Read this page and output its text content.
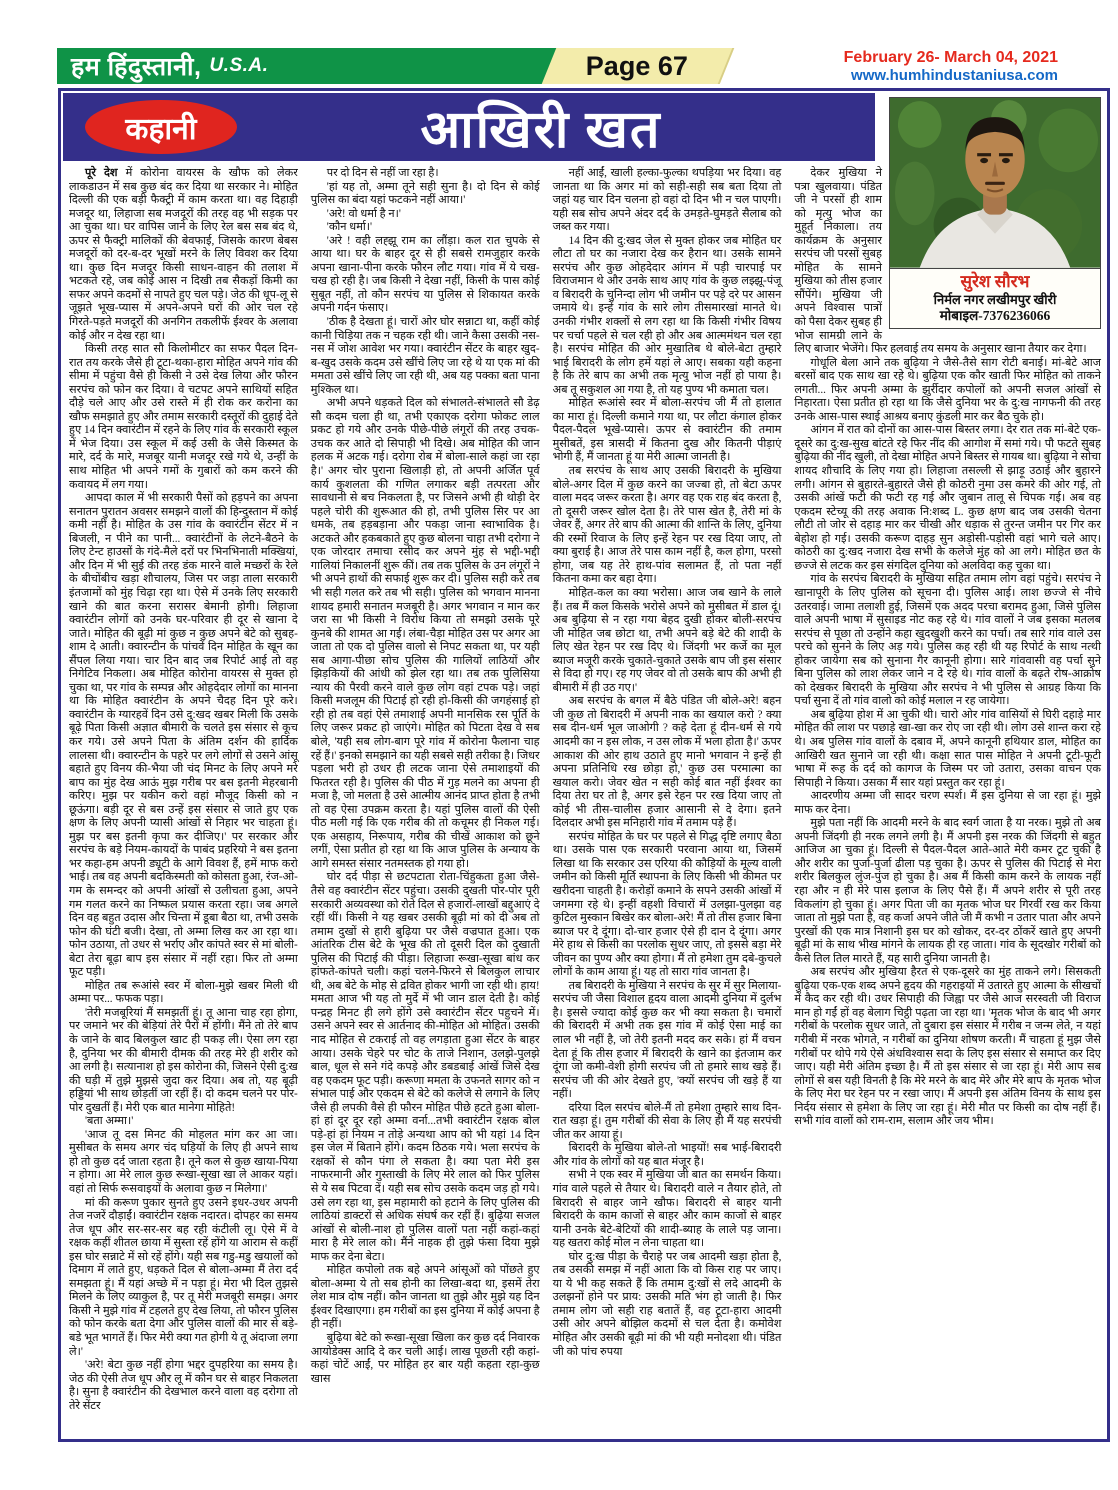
हम हिंदुस्तानी, U.S.A.	Page 67	February 26- March 04, 2021
www.humhindustaniusa.com
कहानी	आखिरी खत

पूरे देश में कोरोना वायरस के खौफ को लेकर लाकडाउन में सब कुछ बंद कर दिया था सरकार ने। मोहित दिल्ली की एक बड़ी फैक्ट्री में काम करता था। वह दिहाड़ी मजदूर था, लिहाजा सब मजदूरों की तरह वह भी सड़क पर आ चुका था। घर वापिस जाने के लिए रेल बस सब बंद थे, ऊपर से फैक्ट्री मालिकों की बेवफाई, जिसके कारण बेबस मजदूरों को दर-ब-दर भूखों मरने के लिए विवश कर दिया था। कुछ दिन मजदूर किसी साधन-वाहन की तलाश में भटकते रहे, जब कोई आस न दिखी तब सैकड़ों किमी का सफर अपने कदमों से नापते हुए चल पड़े। जेठ की धूप-लू से जूझते भूख-प्यास में अपने-अपने घरों की ओर चल रहे गिरते-पड़ते मजदूरों की अनगिन तकलीफें ईश्वर के अलावा कोई और न देख रहा था।

किसी तरह सात सौ किलोमीटर का सफर पैदल दिन-रात तय करके जैसे ही टूटा-थका-हारा मोहित अपने गांव की सीमा में पहुंचा वैसे ही किसी ने उसे देख लिया और फौरन सरपंच को फोन कर दिया। वे चटपट अपने साथियों सहित दौड़े चले आए और उसे रास्ते में ही रोक कर करोना का खौफ समझाते हुए और तमाम सरकारी दस्तूरों की दुहाई देते हुए 14 दिन क्वारंटीन में रहने के लिए गांव के सरकारी स्कूल में भेज दिया। उस स्कूल में कई उसी के जैसे किस्मत के मारे, दर्द के मारे, मजबूर यानी मजदूर रखे गये थे, उन्हीं के साथ मोहित भी अपने गमों के गुबारों को कम करने की कवायद में लग गया।

आपदा काल में भी सरकारी पैसों को हड़पने का अपना सनातन पुरातन अवसर समझने वालों की हिन्दुस्तान में कोई कमी नहीं है। मोहित के उस गांव के क्वारंटीन सेंटर में न बिजली, न पीने का पानी... क्वारंटीनों के लेटने-बैठने के लिए टेन्ट हाउसों के गंदे-मैले दरों पर भिनभिनाती मक्खियां, और दिन में भी सुई की तरह डंक मारने वाले मच्छरों के रेले के बीचोंबीच खड़ा शौचालय, जिस पर जड़ा ताला सरकारी इंतजामों को मुंह चिढ़ा रहा था। ऐसे में उनके लिए सरकारी खाने की बात करना सरासर बेमानी होगी। लिहाजा क्वारंटीन लोगों को उनके घर-परिवार ही दूर से खाना दे जाते। मोहित की बूढ़ी मां कुछ न कुछ अपने बेटे को सुबह-शाम दे आती। क्वारन्टीन के पांचवें दिन मोहित के खून का सैंपल लिया गया। चार दिन बाद जब रिपोर्ट आई तो वह निगेटिव निकला। अब मोहित कोरोना वायरस से मुक्त हो चुका था, पर गांव के सम्पन्न और ओहदेदार लोगों का मानना था कि मोहित क्वारंटीन के अपने चैदह दिन पूरे करे। क्वारंटीन के ग्यारहवें दिन उसे दु:खद खबर मिली कि उसके बूढ़े पिता किसी अज्ञात बीमारी के चलते इस संसार से कूच कर गये। उसे अपने पिता के अंतिम दर्शन की हार्दिक लालसा थी। क्वारन्टीन के पहरे पर लगे लोगों से उसने आंसू बहाते हुए विनय की-भैया जी चंद मिनट के लिए अपने मरे बाप का मुंह देख आऊं मुझ गरीब पर बस इतनी मेहरबानी करिए। मुझ पर यकीन करो वहां मौजूद किसी को न छूऊंगा। बड़ी दूर से बस उन्हें इस संसार से जाते हुए एक क्षण के लिए अपनी प्यासी आंखों से निहार भर चाहता हूं। मुझ पर बस इतनी कृपा कर दीजिए।' पर सरकार और सरपंच के बड़े नियम-कायदों के पाबंद प्रहरियो ने बस इतना भर कहा-हम अपनी ड्यूटी के आगे विवश हैं, हमें माफ करो भाई। तब वह अपनी बदकिस्मती को कोसता हुआ, रंज-ओ-गम के समन्दर को अपनी आंखों से उलीचता हुआ, अपने गम गलत करने का निष्फल प्रयास करता रहा। जब अगले दिन वह बहुत उदास और चिन्ता में डूबा बैठा था, तभी उसके फोन की घंटी बजी। देखा, तो अम्मा लिख कर आ रहा था। फोन उठाया, तो उधर से भर्राए और कांपते स्वर से मां बोली-बेटा तेरा बूढ़ा बाप इस संसार में नहीं रहा। फिर तो अम्मा फूट पड़ी।

मोहित तब रूआंसे स्वर में बोला-मुझे खबर मिली थी अम्मा पर... फफक पड़ा।

'तेरी मजबूरियां मैं समझतीं हूं। तू आना चाह रहा होगा, पर जमाने भर की बेड़ियां तेरे पैरों में होंगी। मैंने तो तेरे बाप के जाने के बाद बिलकुल खाट ही पकड़ ली। ऐसा लग रहा है, दुनिया भर की बीमारी दीमक की तरह मेरे ही शरीर को आ लगी है। सत्यानाश हो इस कोरोना की, जिसने ऐसी दु:ख की घड़ी में तुझे मुझसे जुदा कर दिया। अब तो, यह बूढ़ी हड्डियां भी साथ छोड़तीं जा रहीं हैं। दो कदम चलने पर पोर-पोर दुखतीं हैं। मेरी एक बात मानेगा मोहिते!

'बता अम्मा।'

'आज तू दस मिनट की मोहलत मांग कर आ जा। मुसीबत के समय अगर चंद घड़ियों के लिए ही अपने साथ हो तो कुछ दर्द जाता रहता है। तूने कल से कुछ खाया-पिया न होगा। आ मेरे लाल कुछ रूखा-सूखा खा ले आकर यहां। वहां तो सिर्फ रूसवाइयों के अलावा कुछ न मिलेगा।'

मां की करूण पुकार सुनते हुए उसने इधर-उधर अपनी तेज नजरें दौड़ाईं। क्वारंटीन रक्षक नदारत। दोपहर का समय तेज धूप और सर-सर-सर बह रही कंटीली लू। ऐसे में वे रक्षक कहीं शीतल छाया में सुस्ता रहें होंगे या आराम से कहीं इस घोर सन्नाटे में सो रहें होंगे। यही सब गडु-मडु खयालों को दिमाग में लाते हुए, धड़कते दिल से बोला-अम्मा मैं तेरा दर्द समझता हूं। मैं यहां अच्छे में न पड़ा हूं। मेरा भी दिल तुझसे मिलने के लिए व्याकुल है, पर तू मेरी मजबूरी समझ। अगर किसी ने मुझे गांव में टहलते हुए देख लिया, तो फौरन पुलिस को फोन करके बता देगा और पुलिस वालों की मार से बड़े-बडे भूत भागतें हैं। फिर मेरी क्या गत होगी ये तू अंदाजा लगा ले।'

'अरे! बेटा कुछ नहीं होगा भद्दर दुपहरिया का समय है। जेठ की ऐसी तेज धूप और लू में कौन घर से बाहर निकलता है। सुना है क्वारंटीन की देखभाल करने वाला वह दरोगा तो तेरे सेंटर

पर दो दिन से नहीं जा रहा है।

'हां यह तो, अम्मा तूने सही सुना है। दो दिन से कोई पुलिस का बंदा यहां फटकने नहीं आया।'

'अरे! वो धर्मा है न।'

'कौन धर्मा।'

'अरे ! वही लह्झू राम का लौंड़ा। कल रात चुपके से आया था। घर के बाहर दूर से ही सबसे रामजुहार करके अपना खाना-पीना करके फौरन लौट गया। गांव में ये चख-चख हो रही है। जब किसी ने देखा नहीं, किसी के पास कोई सुबूत नहीं, तो कौन सरपंच या पुलिस से शिकायत करके अपनी गर्दन फंसाए।

'ठीक है देखता हूं। चारों ओर घोर सन्नाटा था, कहीं कोई कानी चिड़िया तक न चहक रही थी। जाने कैसा उसकी नस-नस में जोश आवेश भर गया। क्वारंटीन सेंटर के बाहर खुद-ब-खुद उसके कदम उसे खींचे लिए जा रहे थे या एक मां की ममता उसे खींचे लिए जा रही थी, अब यह पक्का बता पाना मुश्किल था।

अभी अपने धड़कते दिल को संभालते-संभालते सौ डेढ़ सौ कदम चला ही था, तभी एकाएक दरोगा फोकट लाल प्रकट हो गये और उनके पीछे-पीछे लंगूरों की तरह उचक-उचक कर आते दो सिपाही भी दिखे। अब मोहित की जान हलक में अटक गई। दरोगा रोब में बोला-साले कहां जा रहा है।' अगर चोर पुराना खिलाड़ी हो, तो अपनी अर्जित पूर्व कार्य कुशलता की गणित लगाकर बड़ी तत्परता और सावधानी से बच निकलता है, पर जिसने अभी ही थोड़ी देर पहले चोरी की शुरूआत की हो, तभी पुलिस सिर पर आ धमके, तब हड़बड़ाना और पकड़ा जाना स्वाभाविक है। अटकते और हकबकाते हुए कुछ बोलना चाहा तभी दरोगा ने एक जोरदार तमाचा रसीद कर अपने मुंह से भद्दी-भद्दी गालियां निकालनीं शुरू कीं। तब तक पुलिस के उन लंगूरों ने भी अपने हाथों की सफाई शुरू कर दी। पुलिस सही करे तब भी सही गलत करे तब भी सही। पुलिस को भगवान मानना शायद हमारी सनातन मजबूरी है। अगर भगवान न मान कर जरा सा भी किसी ने विरोध किया तो समझो उसके पूरे कुनबे की शामत आ गई। लंबा-चैड़ा मोहित उस पर अगर आ जाता तो एक दो पुलिस वालो से निपट सकता था, पर यही सब आगा-पीछा सोच पुलिस की गालियों लाठियों और झिड़कियों की आंधी को झेल रहा था। तब तक पुलिसिया न्याय की पैरवी करने वाले कुछ लोग वहां टपक पड़े। जहां किसी मजलूम की पिटाई हो रही हो-किसी की जगहंसाई हो रही हो तब वहां ऐसे तमाशाई अपनी मानसिक रस पूर्ति के लिए जरूर प्रकट हो जाएंगे। मोहित को पिटता देख वे सब बोले, 'यही सब लोग-बाग पूरे गांव में कोरोना फैलाना चाह रहें हैं।' इनको समझाने का यही सबसे सही तरीका है। जिधर पड़ला भरी हो उधर ही लटक जाना ऐसे तमाशाइयों की फितरत रही है। पुलिस की पीठ में गुड़ मलने का अपना ही मजा है, जो मलता है उसे आत्मीय आनंद प्राप्त होता है तभी तो वह ऐसा उपक्रम करता है। यहां पुलिस वालों की ऐसी पीठ मली गई कि एक गरीब की तो कचूमर ही निकल गई। एक असहाय, निरूपाय, गरीब की चीखें आकाश को छूने लगीं, ऐसा प्रतीत हो रहा था कि आज पुलिस के अन्याय के आगे समस्त संसार नतमस्तक हो गया हो।

घोर दर्द पीड़ा से छटपटाता रोता-चिंहुकता हुआ जैसे-तैसे वह क्वारंटीन सेंटर पहुंचा। उसकी दुखती पोर-पोर पूरी सरकारी अव्यवस्था को रोते दिल से हजारों-लाखों बद्दुआएं दे रहीं थीं। किसी ने यह खबर उसकी बूढ़ी मां को दी अब तो तमाम दुखों से हारी बुढ़िया पर जैसे वज्रपात हुआ। एक आंतरिक टीस बेटे के भूख की तो दूसरी दिल को दुखाती पुलिस की पिटाई की पीड़ा। लिहाजा रूखा-सूखा बांध कर हांफते-कांपते चली। कहां चलने-फिरने से बिलकुल लाचार थी, अब बेटे के मोह से द्रवित होकर भागी जा रही थी। हाय! ममता आज भी यह तो मुर्दे में भी जान डाल देती है। कोई पन्द्रह मिनट ही लगे होंगे उसे क्वारंटीन सेंटर पहुचने में। उसने अपने स्वर से आर्तनाद की-मोहित ओ मोहित। उसकी नाद मोहित से टकराई तो वह लगड़ाता हुआ सेंटर के बाहर आया। उसके चेहरे पर चोट के ताजे निशान, उलझे-पुलझे बाल, धूल से सने गंदे कपड़े और डबडबाई आंखें जिसे देख वह एकदम फूट पड़ी। करूणा ममता के उफनते सागर को न संभाल पाई और एकदम से बेटे को कलेजे से लगाने के लिए जैसे ही लपकी वैसे ही फौरन मोहित पीछे हटते हुआ बोला-हां हां दूर दूर रहो अम्मा वर्ना...तभी क्वारंटीन रक्षक बोल पड़े-हां हां नियम न तोड़े अन्यथा आप को भी यहां 14 दिन इस जेल में बिताने होंगे। कदम ठिठक गये। भला सरपंच के रक्षकों से कौन पंगा ले सकता है। क्या पता मेरी इस नाफरमानी और गुस्ताखी के लिए मेरे लाल को फिर पुलिस से ये सब पिटवा दें। यही सब सोच उसके कदम जड़ हो गये। उसे लग रहा था, इस महामारी को हटाने के लिए पुलिस की लाठियां डाक्टरों से अधिक संघर्ष कर रहीं हैं। बुढ़िया सजल आंखों से बोली-नाश हो पुलिस वालों पता नहीं कहां-कहां मारा है मेरे लाल को। मैंने नाहक ही तुझे फंसा दिया मुझे माफ कर देना बेटा।

मोहित कपोलो तक बहे अपने आंसूओं को पोंछते हुए बोला-अम्मा ये तो सब होनी का लिखा-बदा था, इसमें तेरा लेश मात्र दोष नहीं। कौन जानता था तुझे और मुझे यह दिन ईश्वर दिखाएगा। हम गरीबों का इस दुनिया में कोई अपना है ही नहीं।

बुढ़िया बेटे को रूखा-सूखा खिला कर कुछ दर्द निवारक आयोडेक्स आदि दे कर चली आई। लाख पूछती रही कहां-कहां चोटें आईं, पर मोहित हर बार यही कहता रहा-कुछ खास

नहीं आईं, खाली हल्का-फुल्का थपड़िया भर दिया। वह जानता था कि अगर मां को सही-सही सब बता दिया तो जहां यह चार दिन चलना हो वहां दो दिन भी न चल पाएगी। यही सब सोच अपने अंदर दर्द के उमड़ते-घुमड़ते सैलाब को जब्त कर गया।

14 दिन की दु:खद जेल से मुक्त होकर जब मोहित घर लौटा तो घर का नजारा देख कर हैरान था। उसके सामने सरपंच और कुछ ओहदेदार आंगन में पड़ी चारपाई पर विराजमान थे और उनके साथ आए गांव के कुछ लझ्झू-पंजू व बिरादरी के चुनिन्दा लोग भी जमीन पर पड़े दरे पर आसन जमाये थे। इन्हें गांव के सारे लोग तीसमारखां मानते थे। उनकी गंभीर शक्लों से लग रहा था कि किसी गंभीर विषय पर चर्चा पहले से चल रही हो और अब आत्ममंथन चल रहा है। सरपंच मोहित की ओर मुखातिब थे बोले-बेटा तुम्हारे भाई बिरादरी के लोग हमें यहां ले आए। सबका यही कहना है कि तेरे बाप का अभी तक मृत्यु भोज नहीं हो पाया है। अब तू सकुशल आ गया है, तो यह पुण्य भी कमाता चल।

मोहित रूआंसे स्वर में बोला-सरपंच जी मैं तो हालात का मारा हूं। दिल्ली कमाने गया था, पर लौटा कंगाल होकर पैदल-पैदल भूखे-प्यासे। ऊपर से क्वारंटीन की तमाम मुसीबतें, इस त्रासदी में कितना दुख और कितनी पीड़ाएं भोगी हैं, मैं जानता हूं या मेरी आत्मा जानती है।

तब सरपंच के साथ आए उसकी बिरादरी के मुखिया बोले-अगर दिल में कुछ करने का जज्बा हो, तो बेटा ऊपर वाला मदद जरूर करता है। अगर वह एक राह बंद करता है, तो दूसरी जरूर खोल देता है। तेरे पास खेत है, तेरी मां के जेवर हैं, अगर तेरे बाप की आत्मा की शान्ति के लिए, दुनिया की रस्मों रिवाज के लिए इन्हें रेहन पर रख दिया जाए, तो क्या बुराई है। आज तेरे पास काम नहीं है, कल होगा, परसो होगा, जब यह तेरे हाथ-पांव सलामत हैं, तो पता नहीं कितना कमा कर बहा देगा।

मोहित-कल का क्या भरोसा। आज जब खाने के लाले हैं। तब मैं कल किसके भरोसे अपने को मुसीबत में डाल दूं। अब बुढ़िया से न रहा गया बेहद दुखी होकर बोली-सरपंच जी मोहित जब छोटा था, तभी अपने बड़े बेटे की शादी के लिए खेत रेहन पर रख दिए थे। जिंदगी भर कर्जे का मूल ब्याज मजूरी करके चुकाते-चुकाते उसके बाप जी इस संसार से विदा हो गए। रह गए जेवर वो तो उसके बाप की अभी ही बीमारी में ही उठ गए।'

अब सरपंच के बगल में बैठे पंडित जी बोले-अरे! बहन जी कुछ तो बिरादरी में अपनी नाक का खयाल करो ? क्या सब दीन-धर्म भूल जाओगी ? कहे देता हूं दीन-धर्म से गये आदमी का न इस लोक, न उस लोक में भला होता है।' ऊपर आकाश की ओर हाथ उठाते हुए मानो भगवान ने इन्हें ही अपना प्रतिनिधि रख छोड़ा हो,' कुछ उस परमात्मा का खयाल करो। जेवर खेत न सही कोई बात नहीं ईश्वर का दिया तेरा घर तो है, अगर इसे रेहन पर रख दिया जाए तो कोई भी तीस-चालीस हजार आसानी से दे देगा। इतने दिलदार अभी इस मनिहारी गांव में तमाम पड़े हैं।

सरपंच मोहित के घर पर पहले से गिद्ध दृष्टि लगाए बैठा था। उसके पास एक सरकारी परवाना आया था, जिसमें लिखा था कि सरकार उस एरिया की कौड़ियों के मूल्य वाली जमीन को किसी मूर्ति स्थापना के लिए किसी भी कीमत पर खरीदना चाहती है। करोड़ों कमाने के सपने उसकी आंखों में जगमगा रहे थे। इन्हीं वहशी विचारों में उलझा-पुलझा वह कुटिल मुस्कान बिखेर कर बोला-अरे! मैं तो तीस हजार बिना ब्याज पर दे दूंगा। दो-चार हजार ऐसे ही दान दे दूंगा। अगर मेरे हाथ से किसी का परलोक सुधर जाए, तो इससे बड़ा मेरे जीवन का पुण्य और क्या होगा। मैं तो हमेशा तुम दबे-कुचले लोगों के काम आया हूं। यह तो सारा गांव जानता है।

तब बिरादरी के मुखिया ने सरपंच के सुर में सुर मिलाया-सरपंच जी जैसा विशाल हृदय वाला आदमी दुनिया में दुर्लभ है। इससे ज्यादा कोई कुछ कर भी क्या सकता है। चमारों की बिरादरी में अभी तक इस गांव में कोई ऐसा माई का लाल भी नहीं है, जो तेरी इतनी मदद कर सके। हां मैं वचन देता हूं कि तीस हजार में बिरादरी के खाने का इंतजाम कर दूंगा जो कमी-वेशी होगी सरपंच जी तो हमारे साथ खड़े हैं। सरपंच जी की ओर देखते हुए, 'क्यों सरपंच जी खड़े हैं या नहीं।

दरिया दिल सरपंच बोले-मैं तो हमेशा तुम्हारे साथ दिन-रात खड़ा हूं। तुम गरीबों की सेवा के लिए ही मैं यह सरपंची जीत कर आया हूं।

बिरादरी के मुखिया बोले-तो भाइयों! सब भाई-बिरादरी और गांव के लोगों को यह बात मंजूर है।

सभी ने एक स्वर में मुखिया जी बात का समर्थन किया। गांव वाले पहले से तैयार थे। बिरादरी वाले न तैयार होते, तो बिरादरी से बाहर जाने खौफ। बिरादरी से बाहर यानी बिरादरी के काम काजों से बाहर और काम काजों से बाहर यानी उनके बेटे-बेटियों की शादी-ब्याह के लाले पड़ जाना। यह खतरा कोई मोल न लेना चाहता था।

घोर दु:ख पीड़ा के चैराहे पर जब आदमी खड़ा होता है, तब उसकी समझ में नहीं आता कि वो किस राह पर जाए। या ये भी कह सकते हैं कि तमाम दु:खों से लदे आदमी के उलझनों होने पर प्राय: उसकी मति भंग हो जाती है। फिर तमाम लोग जो सही राह बतातें हैं, वह टूटा-हारा आदमी उसी ओर अपने बोझिल कदमों से चल देता है। कमोवेश मोहित और उसकी बूढ़ी मां की भी यही मनोदशा थी। पंडित जी को पांच रुपया

सुरेश सौरभ
निर्मल नगर लखीमपुर खीरी
मोबाइल-7376236066

देकर मुखिया ने पत्रा खुलवाया। पंडित जी ने परसों ही शाम को मृत्यु भोज का मुहूर्त निकाला। तय कार्यक्रम के अनुसार सरपंच जी परसों सुबह मोहित के सामने मुखिया को तीस हजार सौंपेंगे। मुखिया जी अपने विश्वास पात्रों को पैसा देकर सुबह ही भोज सामग्री लाने के लिए बाजार भेजेंगे। फिर हलवाई तय समय के अनुसार खाना तैयार कर देगा।

गोधूलि बेला आने तक बुढ़िया ने जैसे-तैसे साग रोटी बनाई। मां-बेटे आज बरसों बाद एक साथ खा रहे थे। बुढ़िया एक कौर खाती फिर मोहित को ताकने लगती... फिर अपनी अम्मा के झुर्रीदार कपोलों को अपनी सजल आंखों से निहारता। ऐसा प्रतीत हो रहा था कि जैसे दुनिया भर के दु:ख नागफनी की तरह उनके आस-पास स्थाई आश्रय बनाए कुंडली मार कर बैठ चुके हो।

आंगन में रात को दोनों का आस-पास बिस्तर लगा। देर रात तक मां-बेटे एक-दूसरे का दु:ख-सुख बांटते रहे फिर नींद की आगोश में समां गये। पौ फटते सुबह बुढ़िया की नींद खुली, तो देखा मोहित अपने बिस्तर से गायब था। बुढ़िया ने सोचा शायद शौचादि के लिए गया हो। लिहाजा तसल्ली से झाड़ू उठाई और बुहारने लगी। आंगन से बुहारते-बुहारते जैसे ही कोठरी नुमा उस कमरे की ओर गई, तो उसकी आंखें फटी की फटी रह गई और जुबान तालू से चिपक गई। अब वह एकदम स्टेच्यू की तरह अवाक नि:शब्द L. कुछ क्षण बाद जब उसकी चेतना लौटी तो जोर से दहाड़ मार कर चीखी और धड़ाक से तुरन्त जमीन पर गिर कर बेहोश हो गई। उसकी करूण दाहड़ सुन अड़ोसी-पड़ोसी वहां भागे चले आए। कोठरी का दु:खद नजारा देख सभी के कलेजे मुंह को आ लगे। मोहित छत के छज्जे से लटक कर इस संगदिल दुनिया को अलविदा कह चुका था।

गांव के सरपंच बिरादरी के मुखिया सहित तमाम लोग वहां पहुंचे। सरपंच ने खानापूरी के लिए पुलिस को सूचना दी। पुलिस आई। लाश छज्जे से नीचे उतरवाई। जामा तलाशी हुई, जिसमें एक अदद परचा बरामद हुआ, जिसे पुलिस वाले अपनी भाषा में सुसाइड नोट कह रहे थे। गांव वालों ने जब इसका मतलब सरपंच से पूछा तो उन्होंने कहा खुदखुशी करने का पर्चा। तब सारे गांव वाले उस परचे को सुनने के लिए अड़ गये। पुलिस कह रही थी यह रिपोर्ट के साथ नत्थी होकर जायेगा सब को सुनाना गैर कानूनी होगा। सारे गांववासी वह पर्चा सुने बिना पुलिस को लाश लेकर जाने न दे रहे थे। गांव वालों के बढ़ते रोष-आक्रोष को देखकर बिरादरी के मुखिया और सरपंच ने भी पुलिस से आग्रह किया कि पर्चा सुना दें तो गांव वालो को कोई मलाल न रह जायेगा।

अब बुढ़िया होश में आ चुकी थी। चारो ओर गांव वासियों से घिरी दहाड़े मार मोहित की लाश पर पछाड़े खा-खा कर रोए जा रही थी। लोग उसे शान्त करा रहे थे। अब पुलिस गांव वालों के दबाव में, अपने कानूनी हथियार डाल, मोहित का आखिरी खत सुनाने जा रही थी। कक्षा सात पास मोहित ने अपनी टूटी-फूटी भाषा में रूह के दर्द को कागज के जिस्म पर जो उतारा, उसका वाचन एक सिपाही ने किया। उसका मैं सार यहां प्रस्तुत कर रहा हूं।

आदरणीय अम्मा जी सादर चरण स्पर्श। मैं इस दुनिया से जा रहा हूं। मुझे माफ कर देना।

मुझे पता नहीं कि आदमी मरने के बाद स्वर्ग जाता है या नरक। मुझे तो अब अपनी जिंदगी ही नरक लगने लगी है। मैं अपनी इस नरक की जिंदगी से बहुत आजिज आ चुका हूं। दिल्ली से पैदल-पैदल आते-आते मेरी कमर टूट चुकी है और शरीर का पुर्जा-पुर्जा ढीला पड़ चुका है। ऊपर से पुलिस की पिटाई से मेरा शरीर बिलकुल लुंज-पुंज हो चुका है। अब मैं किसी काम करने के लायक नहीं रहा और न ही मेरे पास इलाज के लिए पैसे हैं। मैं अपने शरीर से पूरी तरह विकलांग हो चुका हूं। अगर पिता जी का मृतक भोज घर गिरवीं रख कर किया जाता तो मुझे पता है, वह कर्जा अपने जीते जी मैं कभी न उतार पाता और अपने पुरखों की एक मात्र निशानी इस घर को खोकर, दर-दर ठोंकरें खाते हुए अपनी बूढ़ी मां के साथ भीख मांगने के लायक ही रह जाता। गांव के सूदखोर गरीबों को कैसे तिल तिल मारते हैं, यह सारी दुनिया जानती है।

अब सरपंच और मुखिया हैरत से एक-दूसरे का मुंह ताकने लगे। सिसकती बुढ़िया एक-एक शब्द अपने हृदय की गहराइयों में उतारते हुए आत्मा के सीखचों में कैद कर रही थी। उधर सिपाही की जिह्वा पर जैसे आज सरस्वती जी विराज मान हो गईं हों वह बेलाग चिट्ठी पढ़ता जा रहा था। 'मृतक भोज के बाद भी अगर गरीबों के परलोक सुधर जाते, तो दुबारा इस संसार में गरीब न जन्म लेते, न यहां गरीबी में नरक भोगते, न गरीबों का दुनिया शोषण करती। मैं चाहता हूं मुझ जैसे गरीबों पर थोपे गये ऐसे अंधविश्वास सदा के लिए इस संसार से समाप्त कर दिए जाए। यही मेरी अंतिम इच्छा है। मैं तो इस संसार से जा रहा हूं। मेरी आप सब लोगों से बस यही विनती है कि मेरे मरने के बाद मेरे और मेरे बाप के मृतक भोज के लिए मेरा घर रेहन पर न रखा जाए। मैं अपनी इस अंतिम विनय के साथ इस निर्दय संसार से हमेशा के लिए जा रहा हूं। मेरी मौत पर किसी का दोष नहीं हैं। सभी गांव वालों को राम-राम, सलाम और जय भीम।
